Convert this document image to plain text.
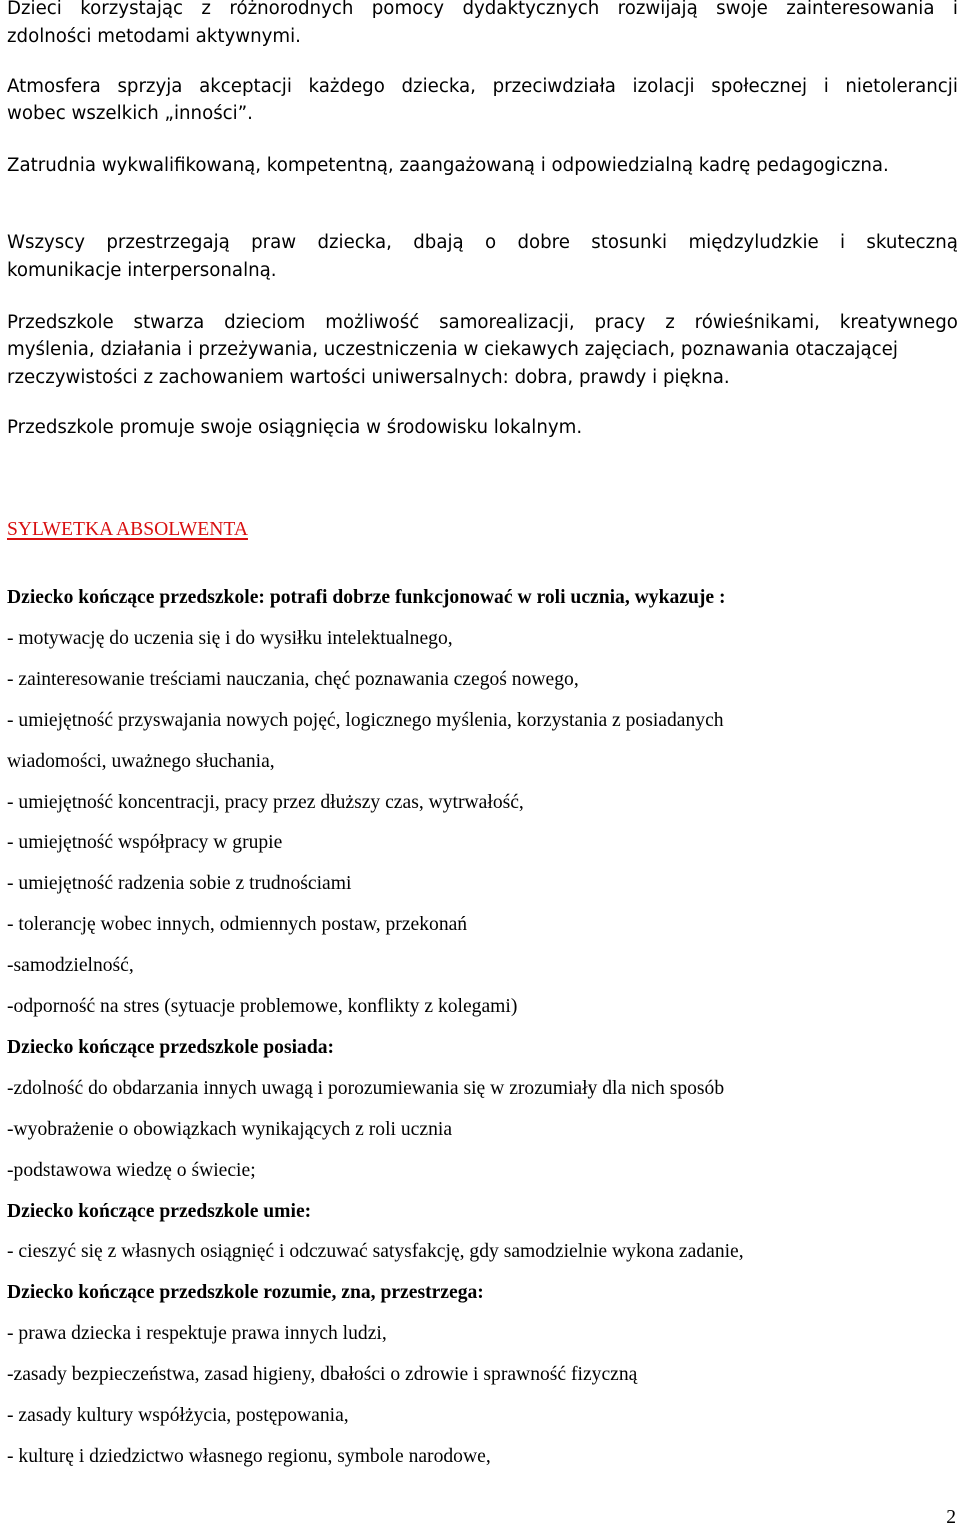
Dzieci korzystając z różnorodnych pomocy dydaktycznych rozwijają swoje zainteresowania i
zdolności metodami aktywnymi.
Atmosfera sprzyja akceptacji każdego dziecka, przeciwdziała izolacji społecznej i nietolerancji
wobec wszelkich „inności”.
Zatrudnia wykwalifikowaną, kompetentną, zaangażowaną i odpowiedzialną kadrę pedagogiczna.
Wszyscy przestrzegają praw dziecka, dbają o dobre stosunki międzyludzkie i skuteczną
komunikacje interpersonalną.
Przedszkole stwarza dzieciom możliwość samorealizacji, pracy z rówieśnikami, kreatywnego
myślenia, działania i przeżywania, uczestniczenia w ciekawych zajęciach, poznawania otaczającej
rzeczywistości z zachowaniem wartości uniwersalnych: dobra, prawdy i piękna.
Przedszkole promuje swoje osiągnięcia w środowisku lokalnym.
SYLWETKA ABSOLWENTA
Dziecko kończące przedszkole: potrafi dobrze funkcjonować w roli ucznia, wykazuje :
- motywację do uczenia się i do wysiłku intelektualnego,
- zainteresowanie treściami nauczania, chęć poznawania czegoś nowego,
- umiejętność przyswajania nowych pojęć, logicznego myślenia, korzystania z posiadanych
wiadomości, uważnego słuchania,
- umiejętność koncentracji, pracy przez dłuższy czas, wytrwałość,
- umiejętność współpracy w grupie
- umiejętność radzenia sobie z trudnościami
- tolerancję wobec innych, odmiennych postaw, przekonań
-samodzielność,
-odporność na stres (sytuacje problemowe, konflikty z kolegami)
Dziecko kończące przedszkole posiada:
-zdolność do obdarzania innych uwagą i porozumiewania się w zrozumiały dla nich sposób
-wyobrażenie o obowiązkach wynikających z roli ucznia
-podstawowa wiedzę o świecie;
Dziecko kończące przedszkole umie:
- cieszyć się z własnych osiągnięć i odczuwać satysfakcję, gdy samodzielnie wykona zadanie,
Dziecko kończące przedszkole rozumie, zna, przestrzega:
- prawa dziecka i respektuje prawa innych ludzi,
-zasady bezpieczeństwa, zasad higieny, dbałości o zdrowie i sprawność fizyczną
- zasady kultury współżycia, postępowania,
- kulturę i dziedzictwo własnego regionu, symbole narodowe,
2
